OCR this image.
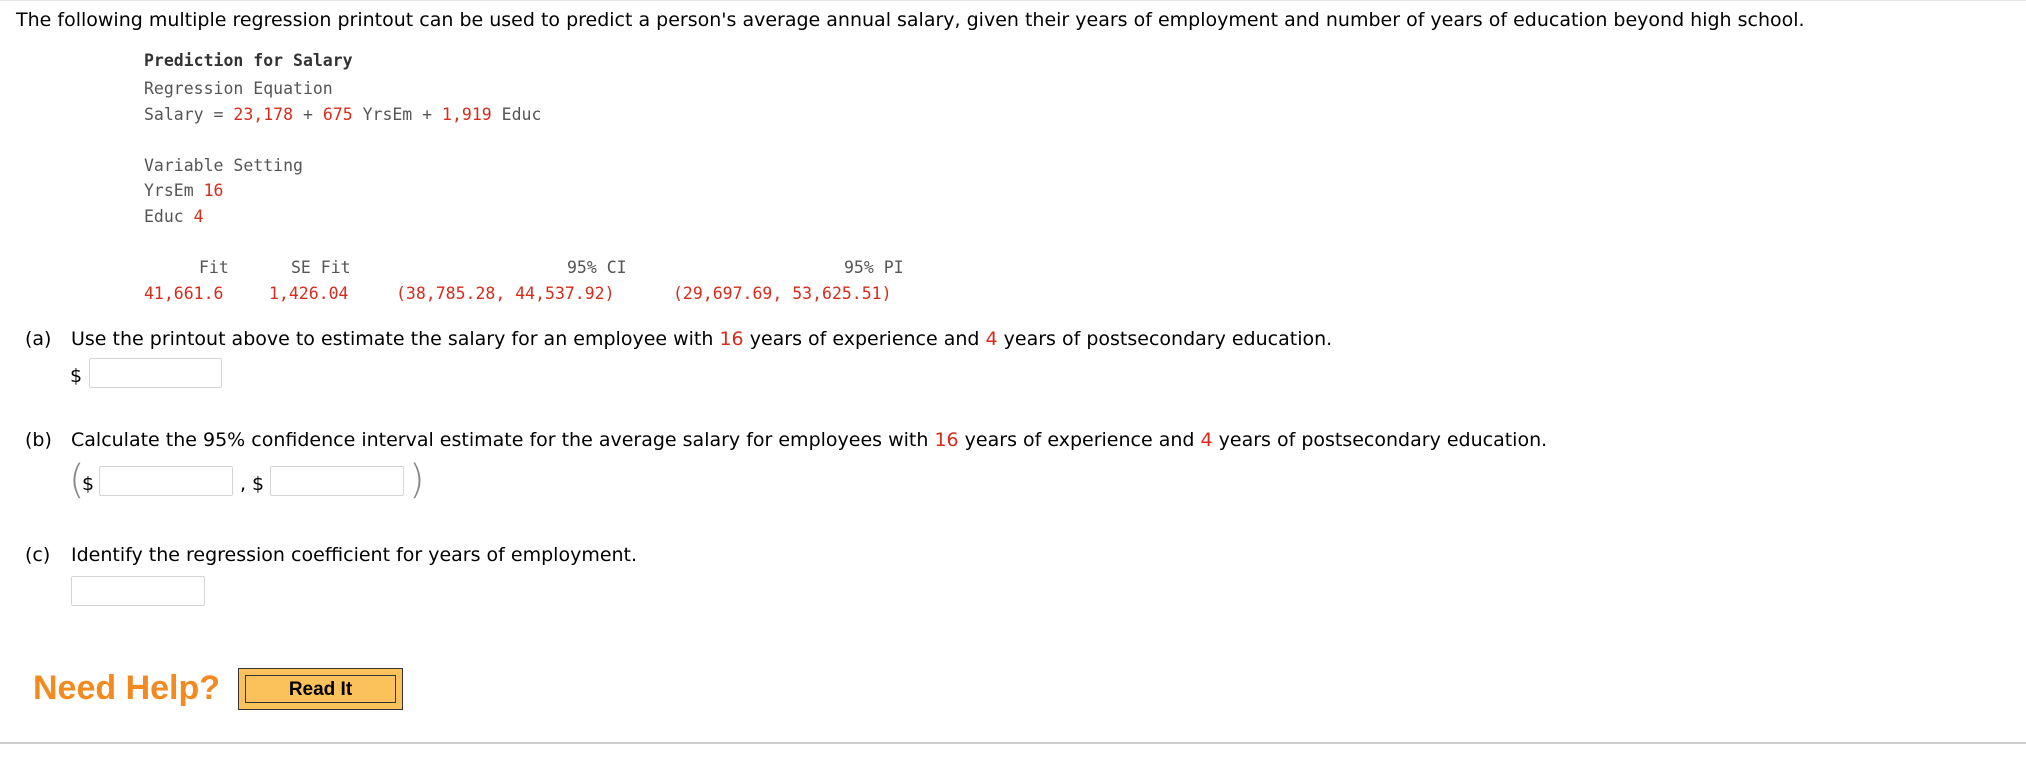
The following multiple regression printout can be used to predict a person's average annual salary, given their years of employment and number of years of education beyond high school.
Prediction for Salary
Regression Equation
Salary = 23,178 + 675 YrsEm + 1,919 Educ
Variable Setting
YrsEm 16
Educ 4
Fit	SE Fit	95% CI	95% PI
41,661.6	1,426.04	(38,785.28, 44,537.92)	(29,697.69, 53,625.51)
(a) Use the printout above to estimate the salary for an employee with 16 years of experience and 4 years of postsecondary education.
$
(b) Calculate the 95% confidence interval estimate for the average salary for employees with 16 years of experience and 4 years of postsecondary education.
(
$	, $	)
(c) Identify the regression coefficient for years of employment.
Need Help?	Read It
